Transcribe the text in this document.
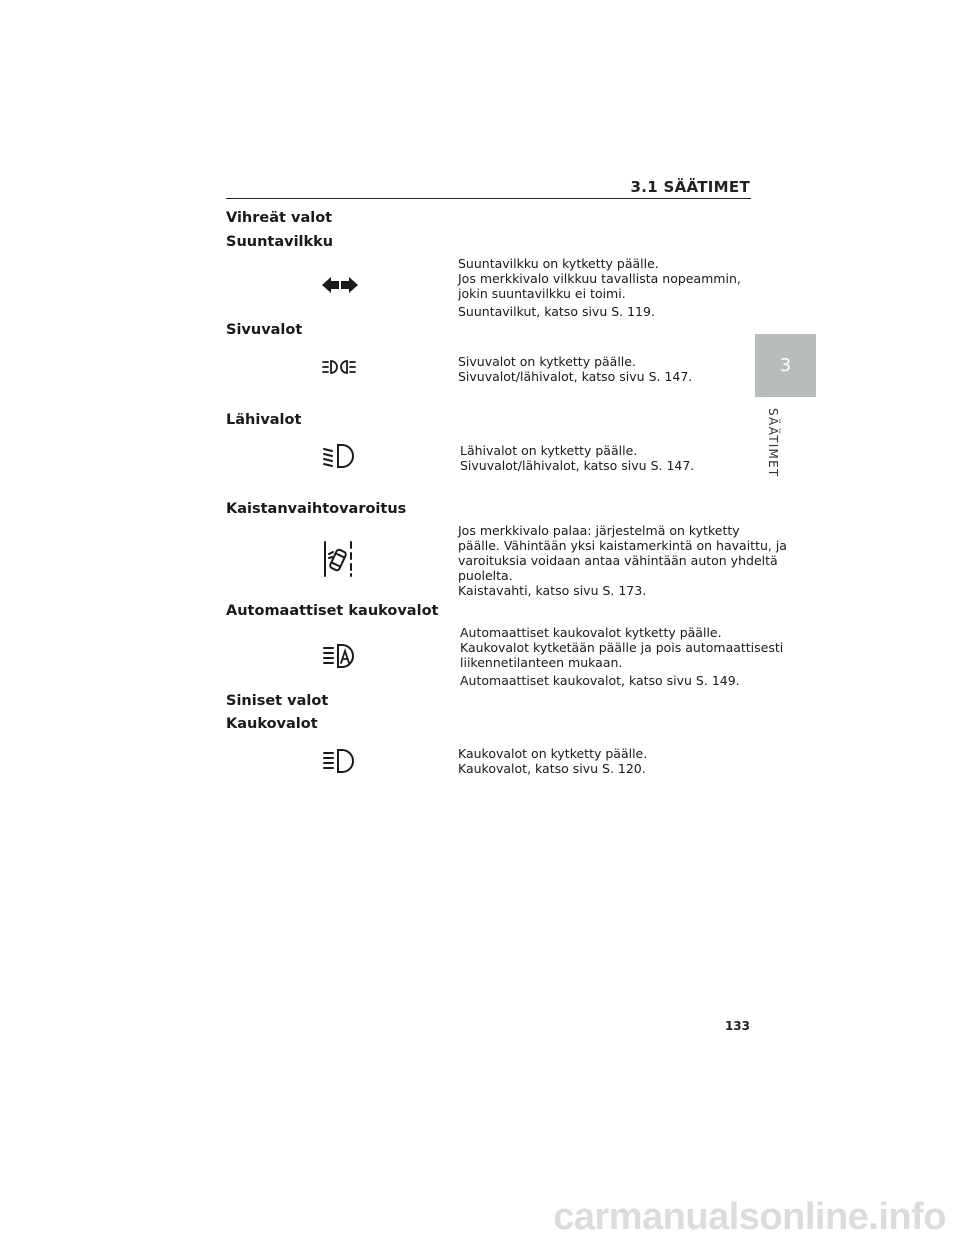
3.1 SÄÄTIMET
3
SÄÄTIMET
Vihreät valot
Suuntavilkku
Suuntavilkku on kytketty päälle.
Jos merkkivalo vilkkuu tavallista nopeammin,
jokin suuntavilkku ei toimi.
Suuntavilkut, katso sivu S. 119.
Sivuvalot
Sivuvalot on kytketty päälle.
Sivuvalot/lähivalot, katso sivu S. 147.
Lähivalot
Lähivalot on kytketty päälle.
Sivuvalot/lähivalot, katso sivu S. 147.
Kaistanvaihtovaroitus
Jos merkkivalo palaa: järjestelmä on kytketty
päälle. Vähintään yksi kaistamerkintä on havaittu, ja
varoituksia voidaan antaa vähintään auton yhdeltä
puolelta.
Kaistavahti, katso sivu S. 173.
Automaattiset kaukovalot
Automaattiset kaukovalot kytketty päälle.
Kaukovalot kytketään päälle ja pois automaattisesti
liikennetilanteen mukaan.
Automaattiset kaukovalot, katso sivu S. 149.
Siniset valot
Kaukovalot
Kaukovalot on kytketty päälle.
Kaukovalot, katso sivu S. 120.
133
carmanualsonline.info
